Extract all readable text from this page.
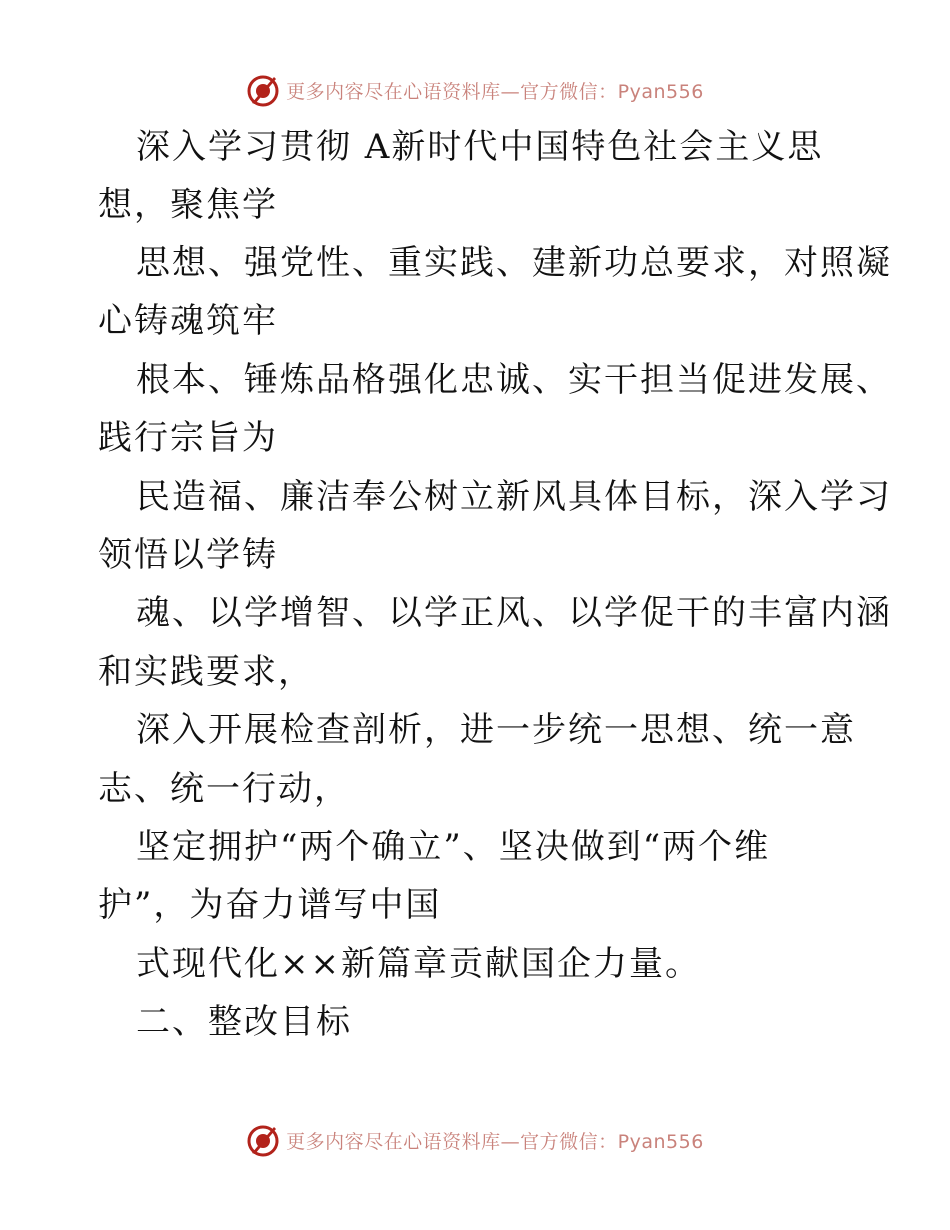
更多内容尽在心语资料库—官方微信：Pyan556
深入学习贯彻 A新时代中国特色社会主义思
想，聚焦学
思想、强党性、重实践、建新功总要求，对照凝
心铸魂筑牢
根本、锤炼品格强化忠诚、实干担当促进发展、
践行宗旨为
民造福、廉洁奉公树立新风具体目标，深入学习
领悟以学铸
魂、以学增智、以学正风、以学促干的丰富内涵
和实践要求，
深入开展检查剖析，进一步统一思想、统一意
志、统一行动，
坚定拥护“两个确立”、坚决做到“两个维
护”，为奋力谱写中国
式现代化××新篇章贡献国企力量。
二、整改目标
更多内容尽在心语资料库—官方微信：Pyan556
